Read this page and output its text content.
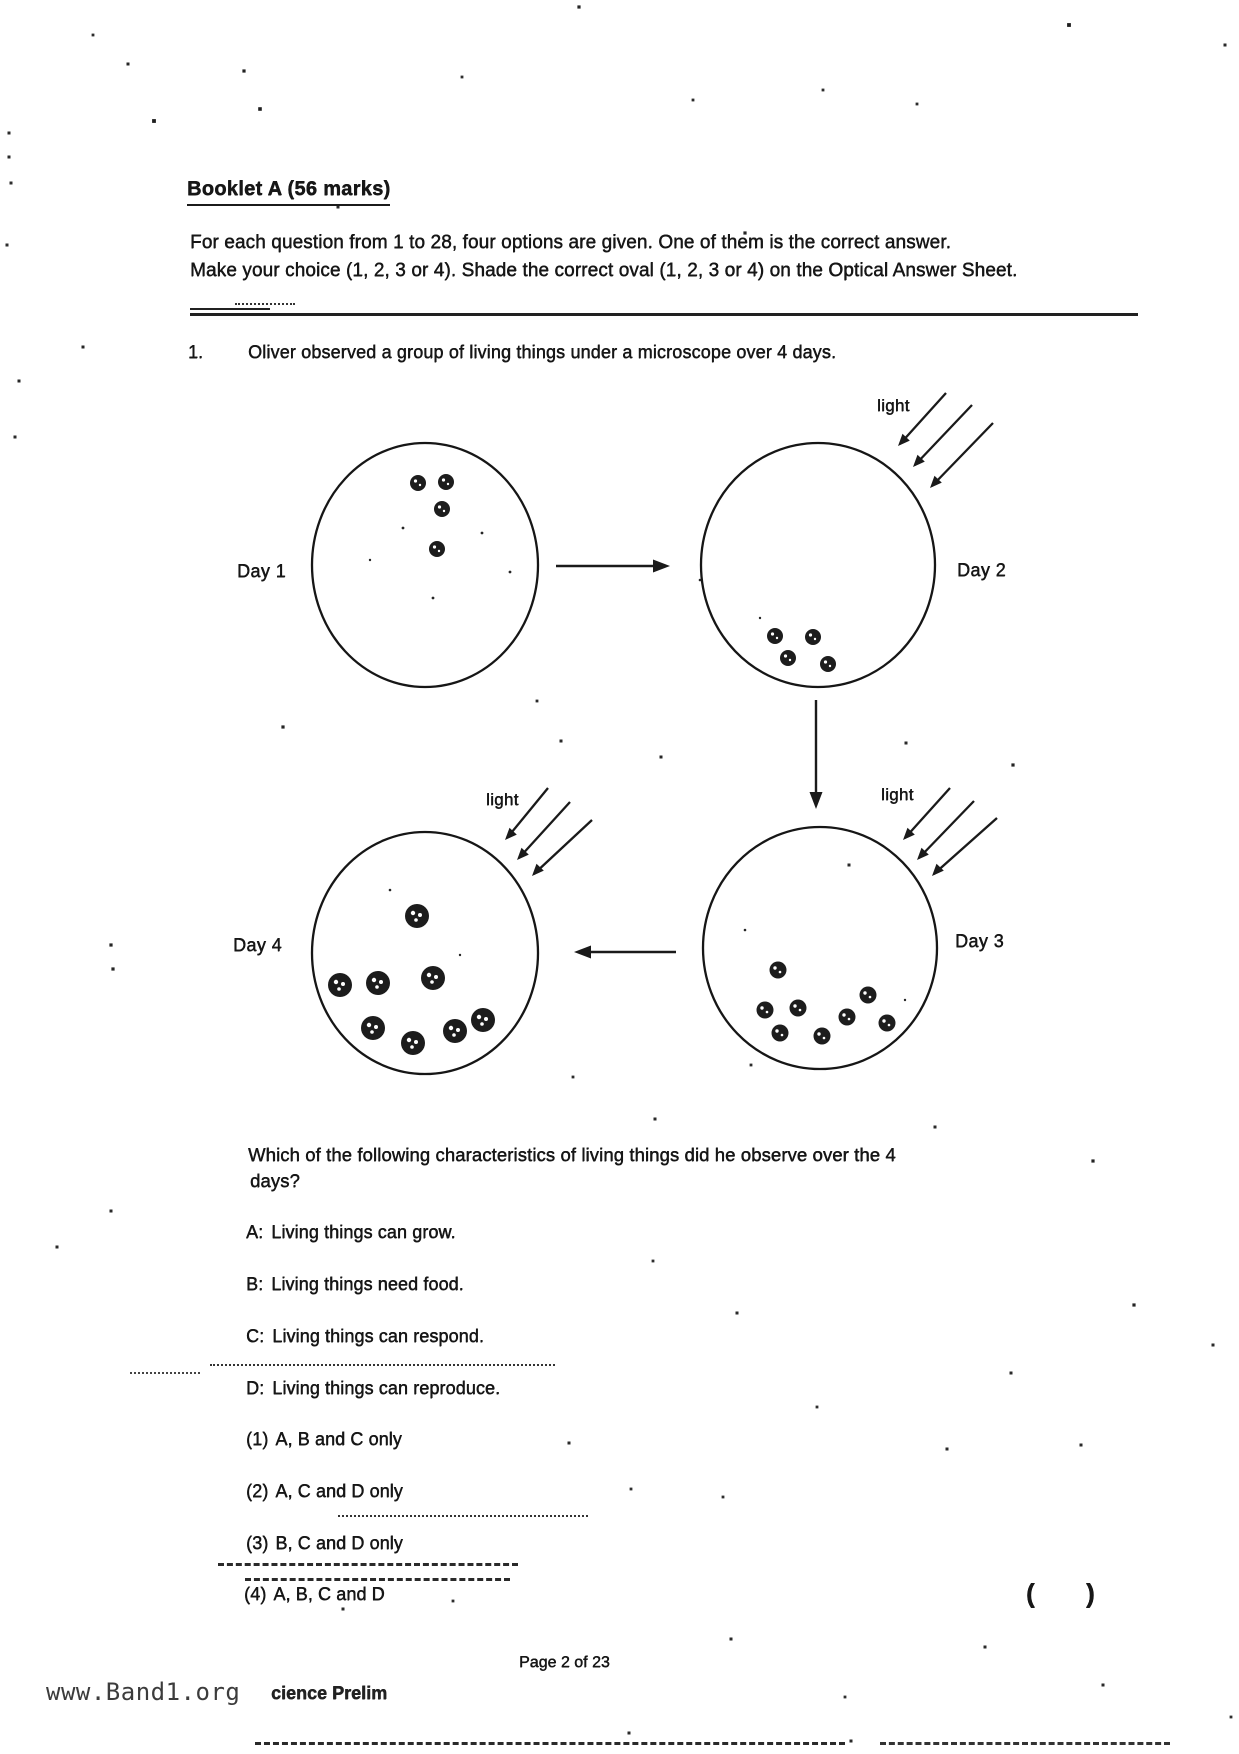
Booklet A (56 marks)
For each question from 1 to 28, four options are given. One of them is the correct answer.
Make your choice (1, 2, 3 or 4). Shade the correct oval (1, 2, 3 or 4) on the Optical Answer Sheet.
1. Oliver observed a group of living things under a microscope over 4 days.
Day 1	Day 2
Day 3
Day 4
light
light
light
Which of the following characteristics of living things did he observe over the 4
days?
A: Living things can grow.
B: Living things need food.
C: Living things can respond.
D: Living things can reproduce.
(1) A, B and C only
(2) A, C and D only
(3) B, C and D only
(4) A, B, C and D	( )
Page 2 of 23
www.Band1.org cience Prelim
